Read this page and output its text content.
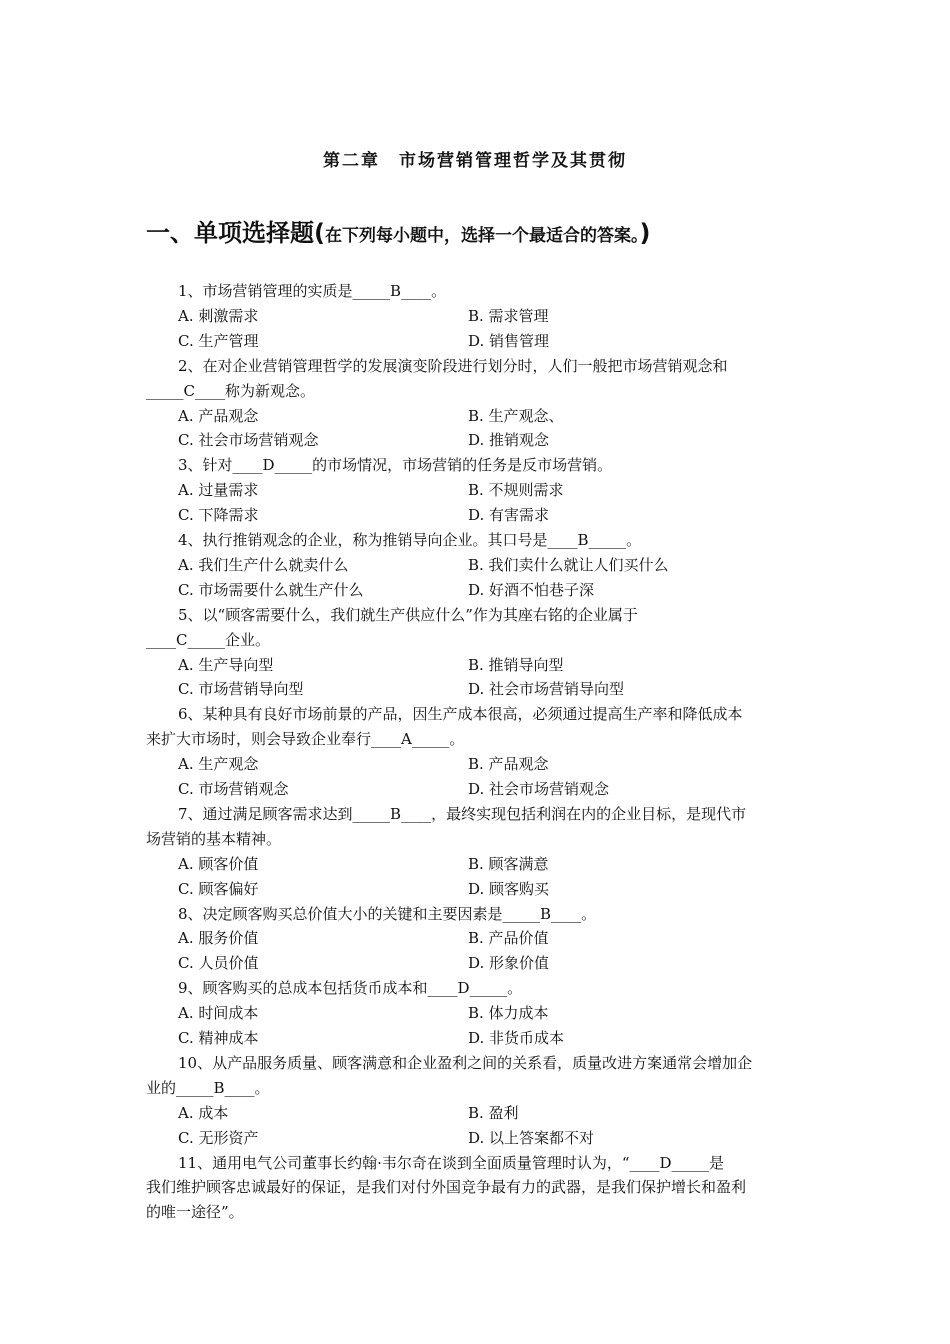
第二章　市场营销管理哲学及其贯彻
一、单项选择题(在下列每小题中，选择一个最适合的答案。)
1、市场营销管理的实质是_____B____。
A. 刺激需求	B. 需求管理
C. 生产管理	D. 销售管理
2、在对企业营销管理哲学的发展演变阶段进行划分时，人们一般把市场营销观念和
_____C____称为新观念。
A. 产品观念	B. 生产观念、
C. 社会市场营销观念	D. 推销观念
3、针对____D_____的市场情况，市场营销的任务是反市场营销。
A. 过量需求	B. 不规则需求
C. 下降需求	D. 有害需求
4、执行推销观念的企业，称为推销导向企业。其口号是____B_____。
A. 我们生产什么就卖什么	B. 我们卖什么就让人们买什么
C. 市场需要什么就生产什么	D. 好酒不怕巷子深
5、以“顾客需要什么，我们就生产供应什么”作为其座右铭的企业属于
____C_____企业。
A. 生产导向型	B. 推销导向型
C. 市场营销导向型	D. 社会市场营销导向型
6、某种具有良好市场前景的产品，因生产成本很高，必须通过提高生产率和降低成本
来扩大市场时，则会导致企业奉行____A_____。
A. 生产观念	B. 产品观念
C. 市场营销观念	D. 社会市场营销观念
7、通过满足顾客需求达到_____B____，最终实现包括利润在内的企业目标，是现代市
场营销的基本精神。
A. 顾客价值	B. 顾客满意
C. 顾客偏好	D. 顾客购买
8、决定顾客购买总价值大小的关键和主要因素是_____B____。
A. 服务价值	B. 产品价值
C. 人员价值	D. 形象价值
9、顾客购买的总成本包括货币成本和____D_____。
A. 时间成本	B. 体力成本
C. 精神成本	D. 非货币成本
10、从产品服务质量、顾客满意和企业盈利之间的关系看，质量改进方案通常会增加企
业的_____B____。
A. 成本	B. 盈利
C. 无形资产	D. 以上答案都不对
11、通用电气公司董事长约翰·韦尔奇在谈到全面质量管理时认为，“____D_____是
我们维护顾客忠诚最好的保证，是我们对付外国竞争最有力的武器，是我们保护增长和盈利
的唯一途径”。
